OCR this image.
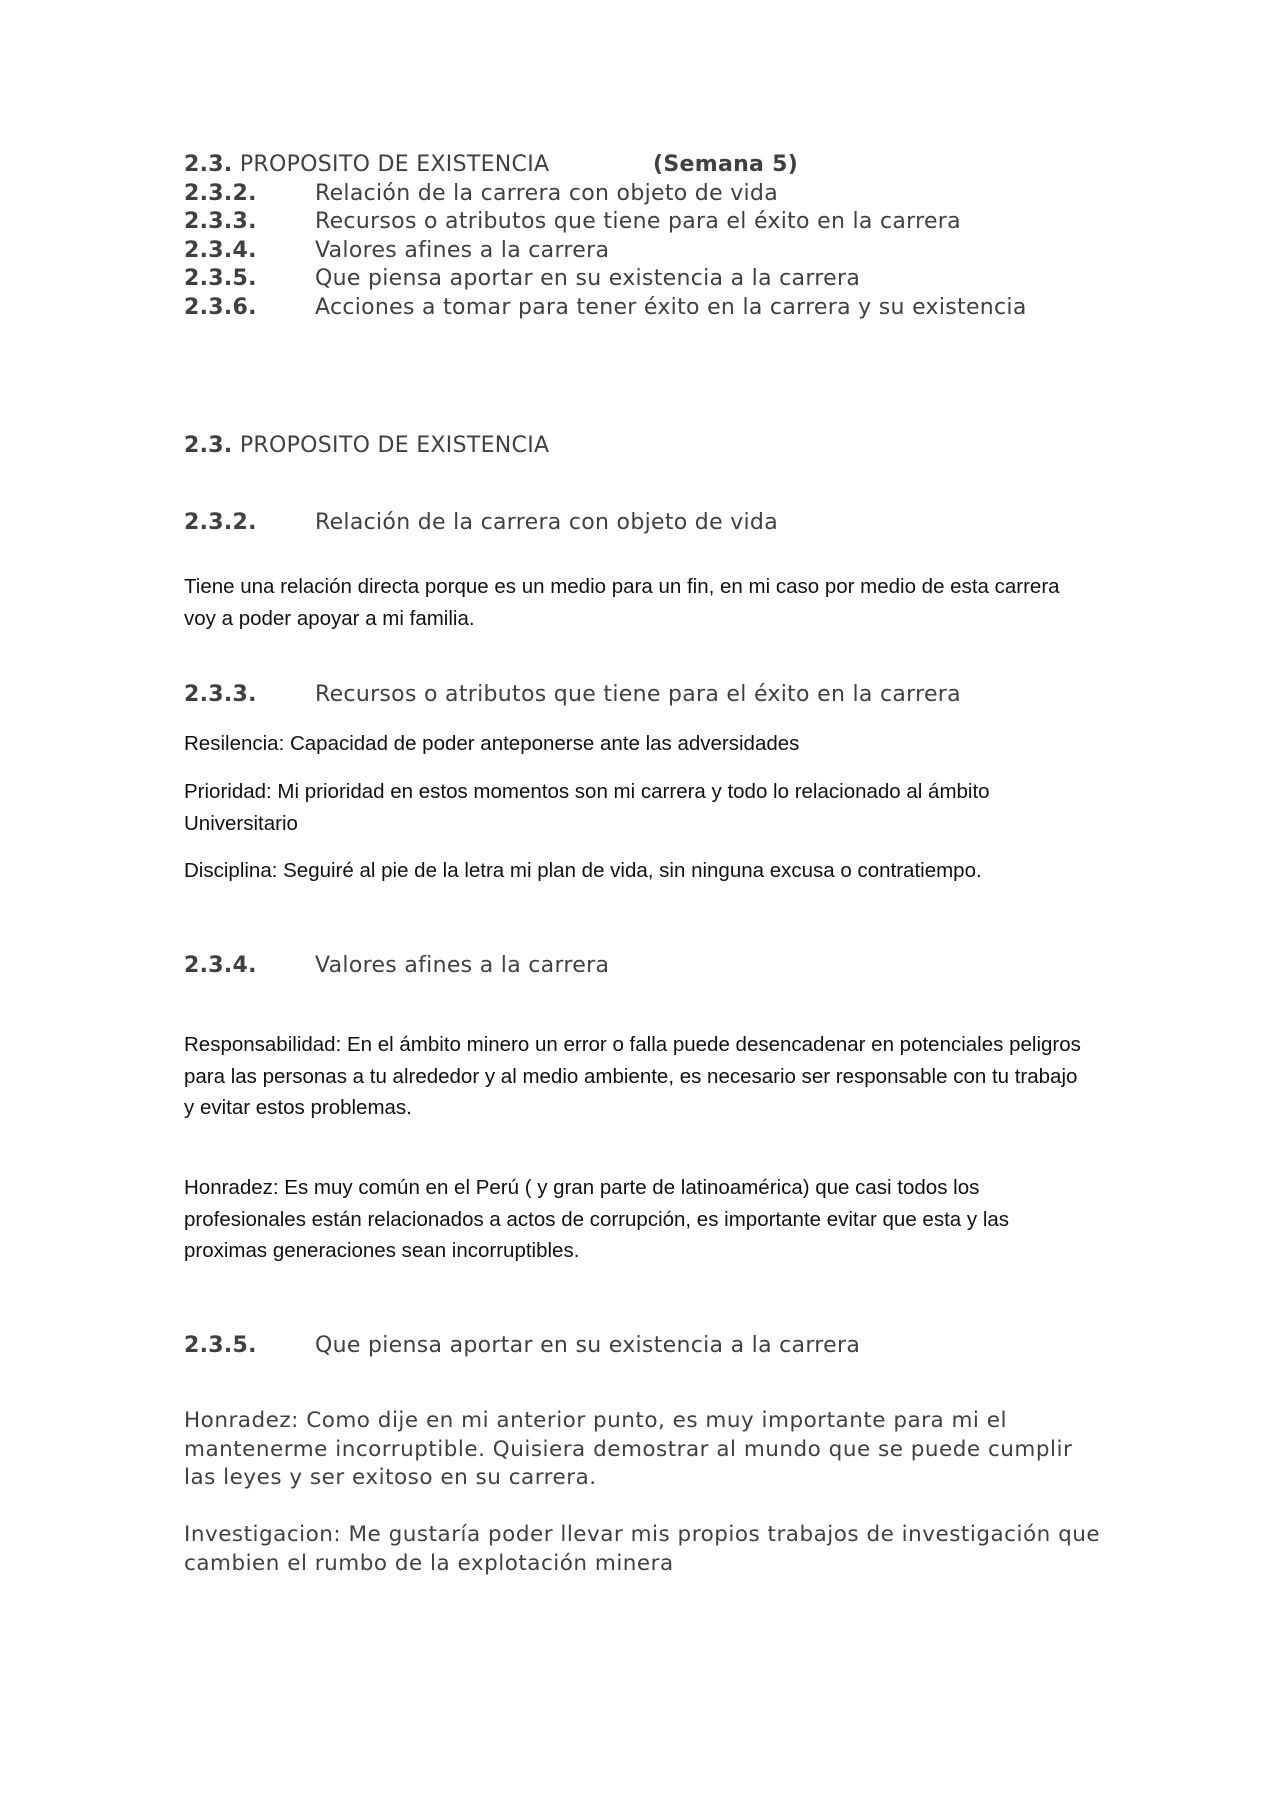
2.3. PROPOSITO DE EXISTENCIA	(Semana 5)
2.3.2.	Relación de la carrera con objeto de vida
2.3.3.	Recursos o atributos que tiene para el éxito en la carrera
2.3.4.	Valores afines a la carrera
2.3.5.	Que piensa aportar en su existencia a la carrera
2.3.6.	Acciones a tomar para tener éxito en la carrera y su existencia
2.3. PROPOSITO DE EXISTENCIA
2.3.2.	Relación de la carrera con objeto de vida
Tiene una relación directa porque es un medio para un fin, en mi caso por medio de esta carrera voy a poder apoyar a mi familia.
2.3.3.	Recursos o atributos que tiene para el éxito en la carrera
Resilencia: Capacidad de poder anteponerse ante las adversidades
Prioridad: Mi prioridad en estos momentos son mi carrera y todo lo relacionado al ámbito Universitario
Disciplina: Seguiré al pie de la letra mi plan de vida, sin ninguna excusa o contratiempo.
2.3.4.	Valores afines a la carrera
Responsabilidad: En el ámbito minero un error o falla puede desencadenar en potenciales peligros para las personas a tu alrededor y al medio ambiente, es necesario ser responsable con tu trabajo y evitar estos problemas.
Honradez: Es muy común en el Perú ( y gran parte de latinoamérica) que casi todos los profesionales están relacionados a actos de corrupción, es importante evitar que esta y las proximas generaciones sean incorruptibles.
2.3.5.	Que piensa aportar en su existencia a la carrera
Honradez: Como dije en mi anterior punto, es muy importante para mi el mantenerme incorruptible. Quisiera demostrar al mundo que se puede cumplir las leyes y ser exitoso en su carrera.
Investigacion: Me gustaría poder llevar mis propios trabajos de investigación que cambien el rumbo de la explotación minera
